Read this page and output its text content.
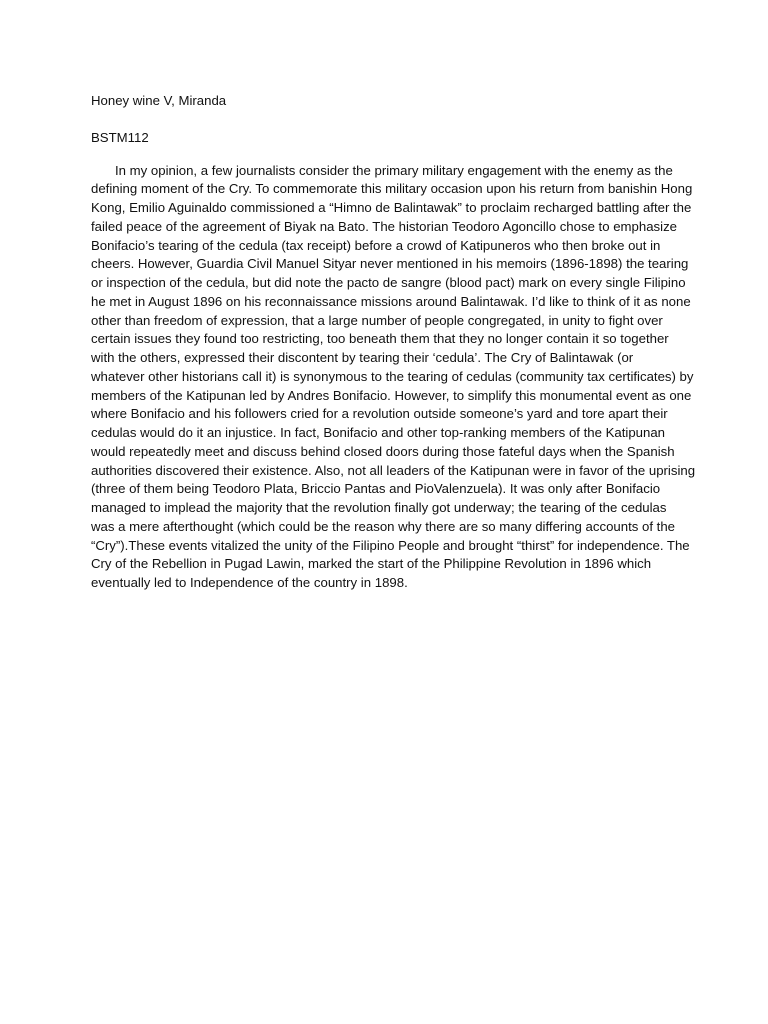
Honey wine V, Miranda

BSTM112

In my opinion, a few journalists consider the primary military engagement with the enemy as the
defining moment of the Cry. To commemorate this military occasion upon his return from banishin Hong
Kong, Emilio Aguinaldo commissioned a “Himno de Balintawak” to proclaim recharged battling after the
failed peace of the agreement of Biyak na Bato. The historian Teodoro Agoncillo chose to emphasize
Bonifacio’s tearing of the cedula (tax receipt) before a crowd of Katipuneros who then broke out in
cheers. However, Guardia Civil Manuel Sityar never mentioned in his memoirs (1896-1898) the tearing
or inspection of the cedula, but did note the pacto de sangre (blood pact) mark on every single Filipino
he met in August 1896 on his reconnaissance missions around Balintawak. I’d like to think of it as none
other than freedom of expression, that a large number of people congregated, in unity to fight over
certain issues they found too restricting, too beneath them that they no longer contain it so together
with the others, expressed their discontent by tearing their ‘cedula’. The Cry of Balintawak (or
whatever other historians call it) is synonymous to the tearing of cedulas (community tax certificates) by
members of the Katipunan led by Andres Bonifacio. However, to simplify this monumental event as one
where Bonifacio and his followers cried for a revolution outside someone’s yard and tore apart their
cedulas would do it an injustice. In fact, Bonifacio and other top-ranking members of the Katipunan
would repeatedly meet and discuss behind closed doors during those fateful days when the Spanish
authorities discovered their existence. Also, not all leaders of the Katipunan were in favor of the uprising
(three of them being Teodoro Plata, Briccio Pantas and PioValenzuela). It was only after Bonifacio
managed to implead the majority that the revolution finally got underway; the tearing of the cedulas
was a mere afterthought (which could be the reason why there are so many differing accounts of the
“Cry”).These events vitalized the unity of the Filipino People and brought “thirst” for independence. The
Cry of the Rebellion in Pugad Lawin, marked the start of the Philippine Revolution in 1896 which
eventually led to Independence of the country in 1898.
